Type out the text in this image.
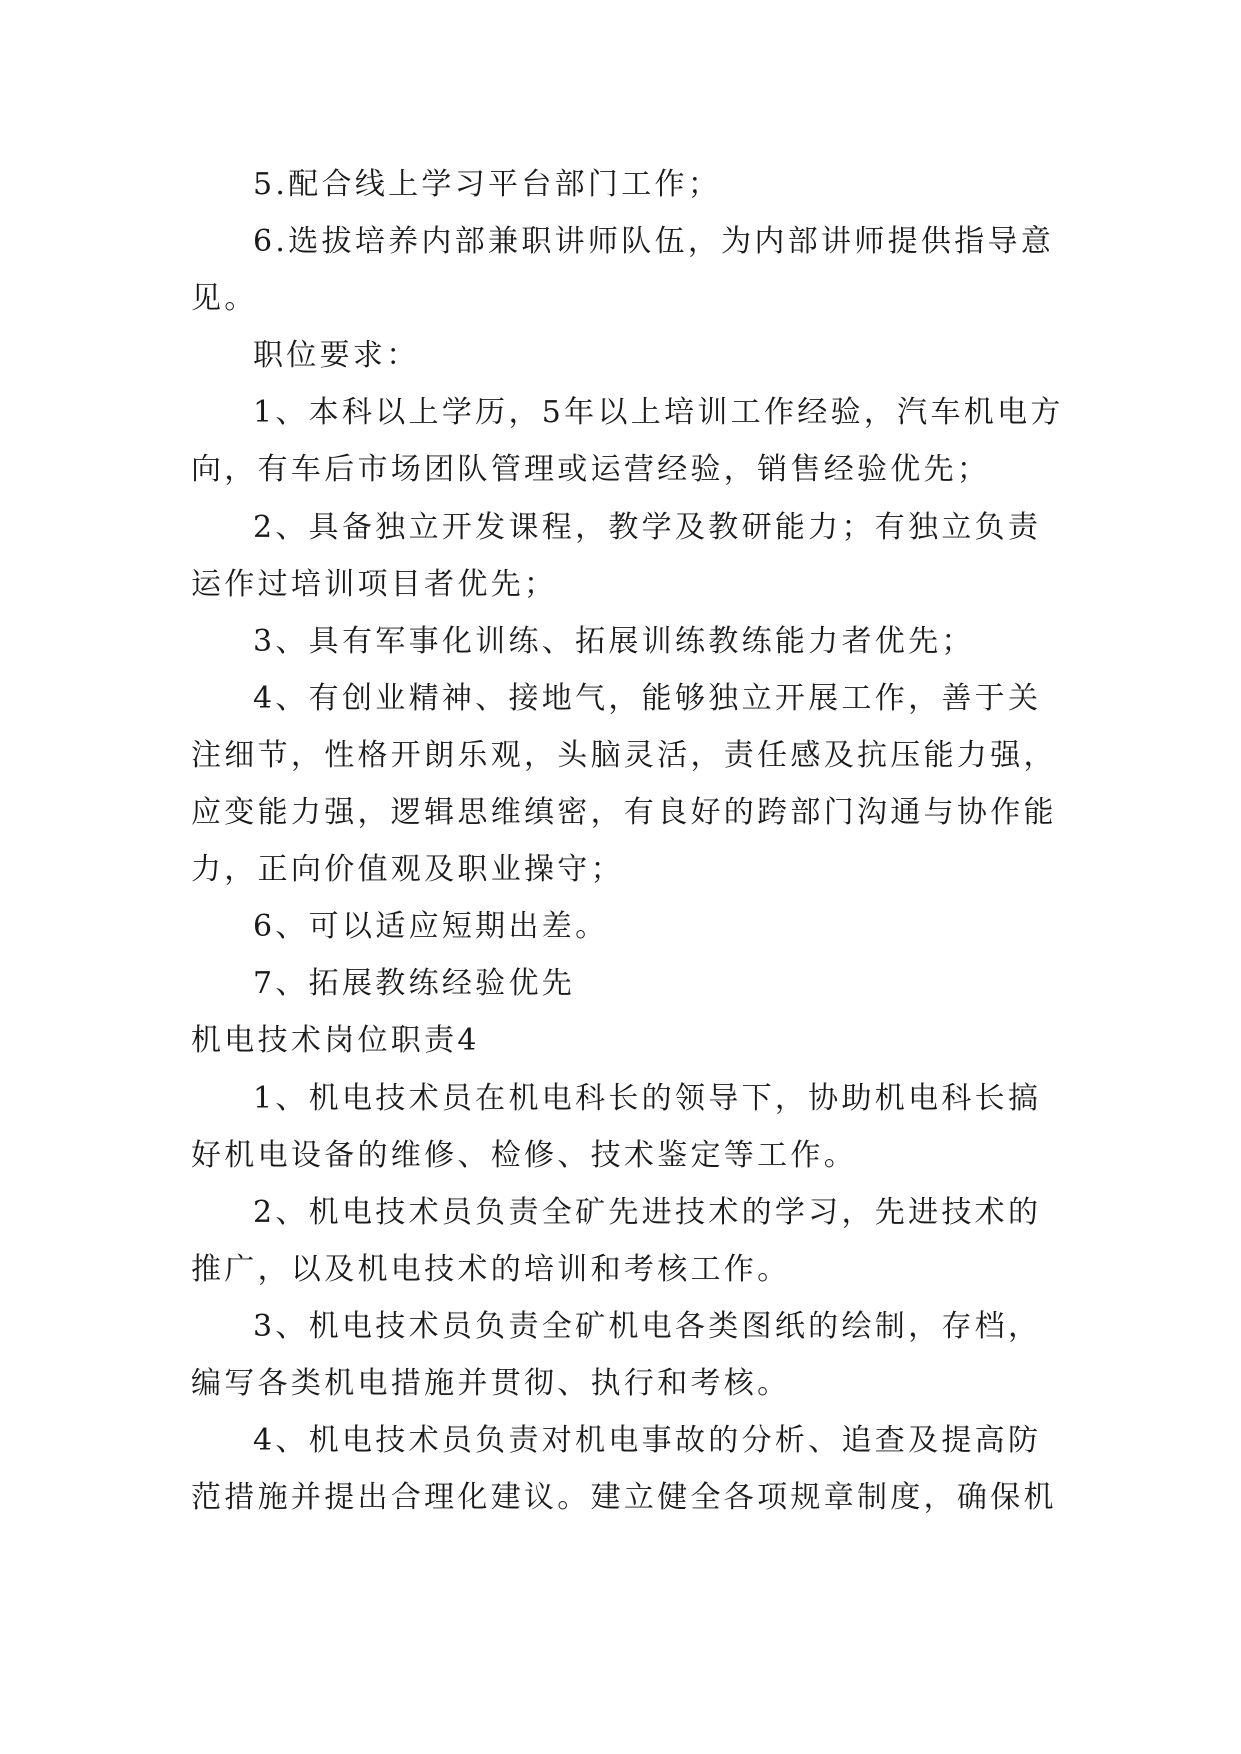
5.配合线上学习平台部门工作；
6.选拔培养内部兼职讲师队伍，为内部讲师提供指导意
见。
职位要求：
1、本科以上学历，5年以上培训工作经验，汽车机电方
向，有车后市场团队管理或运营经验，销售经验优先；
2、具备独立开发课程，教学及教研能力；有独立负责
运作过培训项目者优先；
3、具有军事化训练、拓展训练教练能力者优先；
4、有创业精神、接地气，能够独立开展工作，善于关
注细节，性格开朗乐观，头脑灵活，责任感及抗压能力强，
应变能力强，逻辑思维缜密，有良好的跨部门沟通与协作能
力，正向价值观及职业操守；
6、可以适应短期出差。
7、拓展教练经验优先
机电技术岗位职责4
1、机电技术员在机电科长的领导下，协助机电科长搞
好机电设备的维修、检修、技术鉴定等工作。
2、机电技术员负责全矿先进技术的学习，先进技术的
推广，以及机电技术的培训和考核工作。
3、机电技术员负责全矿机电各类图纸的绘制，存档，
编写各类机电措施并贯彻、执行和考核。
4、机电技术员负责对机电事故的分析、追查及提高防
范措施并提出合理化建议。建立健全各项规章制度，确保机
